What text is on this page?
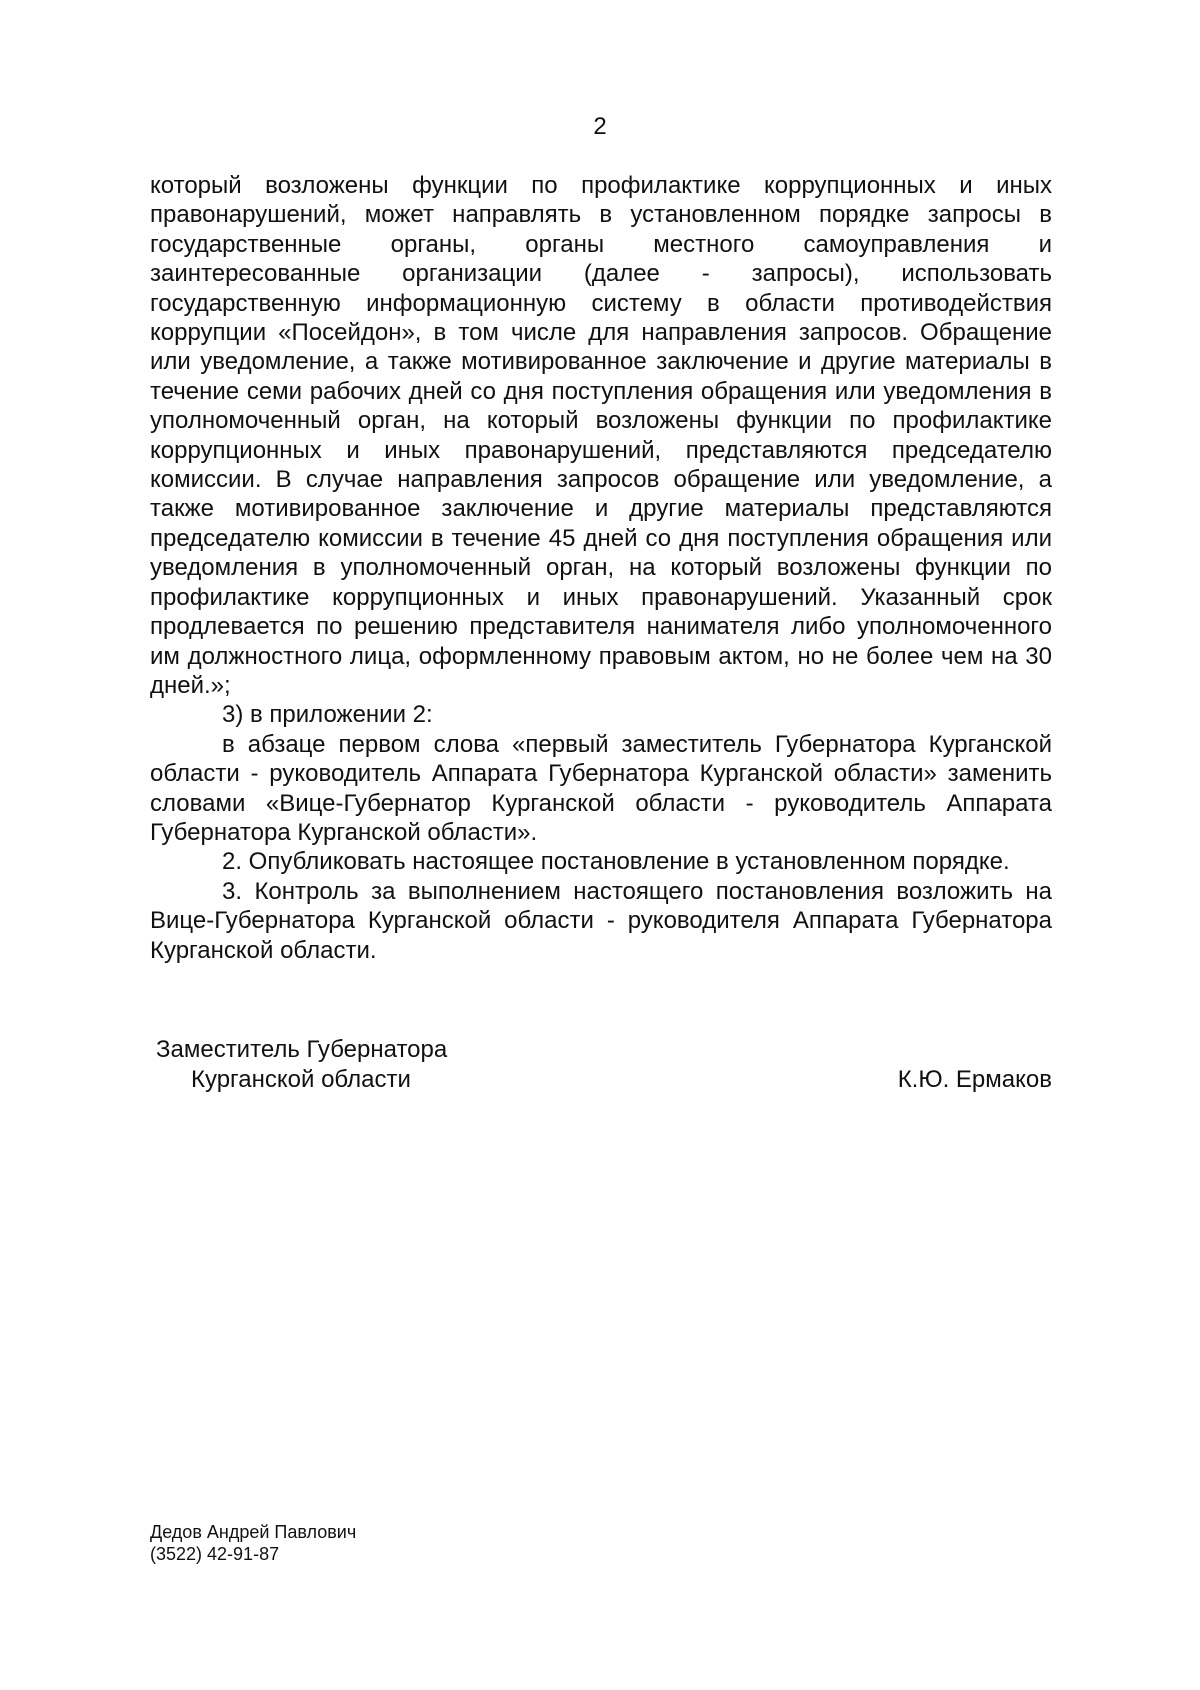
2

который возложены функции по профилактике коррупционных и иных правонарушений, может направлять в установленном порядке запросы в государственные органы, органы местного самоуправления и заинтересованные организации (далее - запросы), использовать государственную информационную систему в области противодействия коррупции «Посейдон», в том числе для направления запросов. Обращение или уведомление, а также мотивированное заключение и другие материалы в течение семи рабочих дней со дня поступления обращения или уведомления в уполномоченный орган, на который возложены функции по профилактике коррупционных и иных правонарушений, представляются председателю комиссии. В случае направления запросов обращение или уведомление, а также мотивированное заключение и другие материалы представляются председателю комиссии в течение 45 дней со дня поступления обращения или уведомления в уполномоченный орган, на который возложены функции по профилактике коррупционных и иных правонарушений. Указанный срок продлевается по решению представителя нанимателя либо уполномоченного им должностного лица, оформленному правовым актом, но не более чем на 30 дней.»;

3) в приложении 2:

в абзаце первом слова «первый заместитель Губернатора Курганской области - руководитель Аппарата Губернатора Курганской области» заменить словами «Вице-Губернатор Курганской области - руководитель Аппарата Губернатора Курганской области».

2. Опубликовать настоящее постановление в установленном порядке.

3. Контроль за выполнением настоящего постановления возложить на Вице-Губернатора Курганской области - руководителя Аппарата Губернатора Курганской области.

Заместитель Губернатора
Курганской области	К.Ю. Ермаков
Дедов Андрей Павлович
(3522) 42-91-87
